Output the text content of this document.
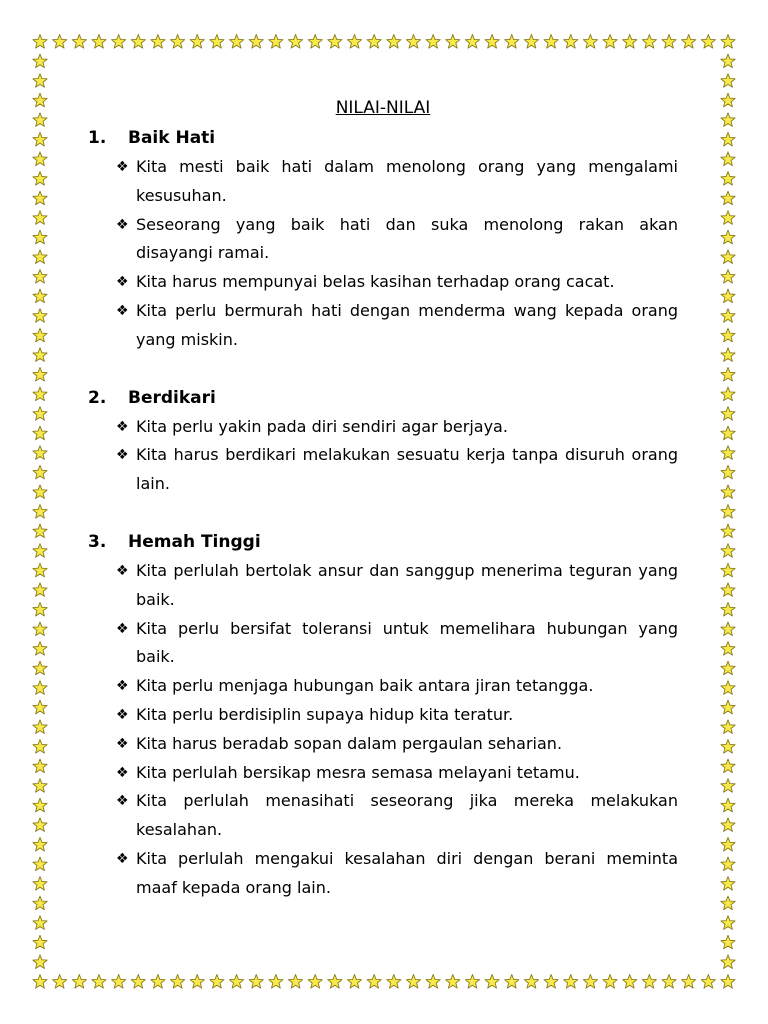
NILAI-NILAI
1.	Baik Hati
❖ Kita mesti baik hati dalam menolong orang yang mengalami kesusuhan.
❖ Seseorang yang baik hati dan suka menolong rakan akan disayangi ramai.
❖ Kita harus mempunyai belas kasihan terhadap orang cacat.
❖ Kita perlu bermurah hati dengan menderma wang kepada orang yang miskin.
2.	Berdikari
❖ Kita perlu yakin pada diri sendiri agar berjaya.
❖ Kita harus berdikari melakukan sesuatu kerja tanpa disuruh orang lain.
3.	Hemah Tinggi
❖ Kita perlulah bertolak ansur dan sanggup menerima teguran yang baik.
❖ Kita perlu bersifat toleransi untuk memelihara hubungan yang baik.
❖ Kita perlu menjaga hubungan baik antara jiran tetangga.
❖ Kita perlu berdisiplin supaya hidup kita teratur.
❖ Kita harus beradab sopan dalam pergaulan seharian.
❖ Kita perlulah bersikap mesra semasa melayani tetamu.
❖ Kita perlulah menasihati seseorang jika mereka melakukan kesalahan.
❖ Kita perlulah mengakui kesalahan diri dengan berani meminta maaf kepada orang lain.
